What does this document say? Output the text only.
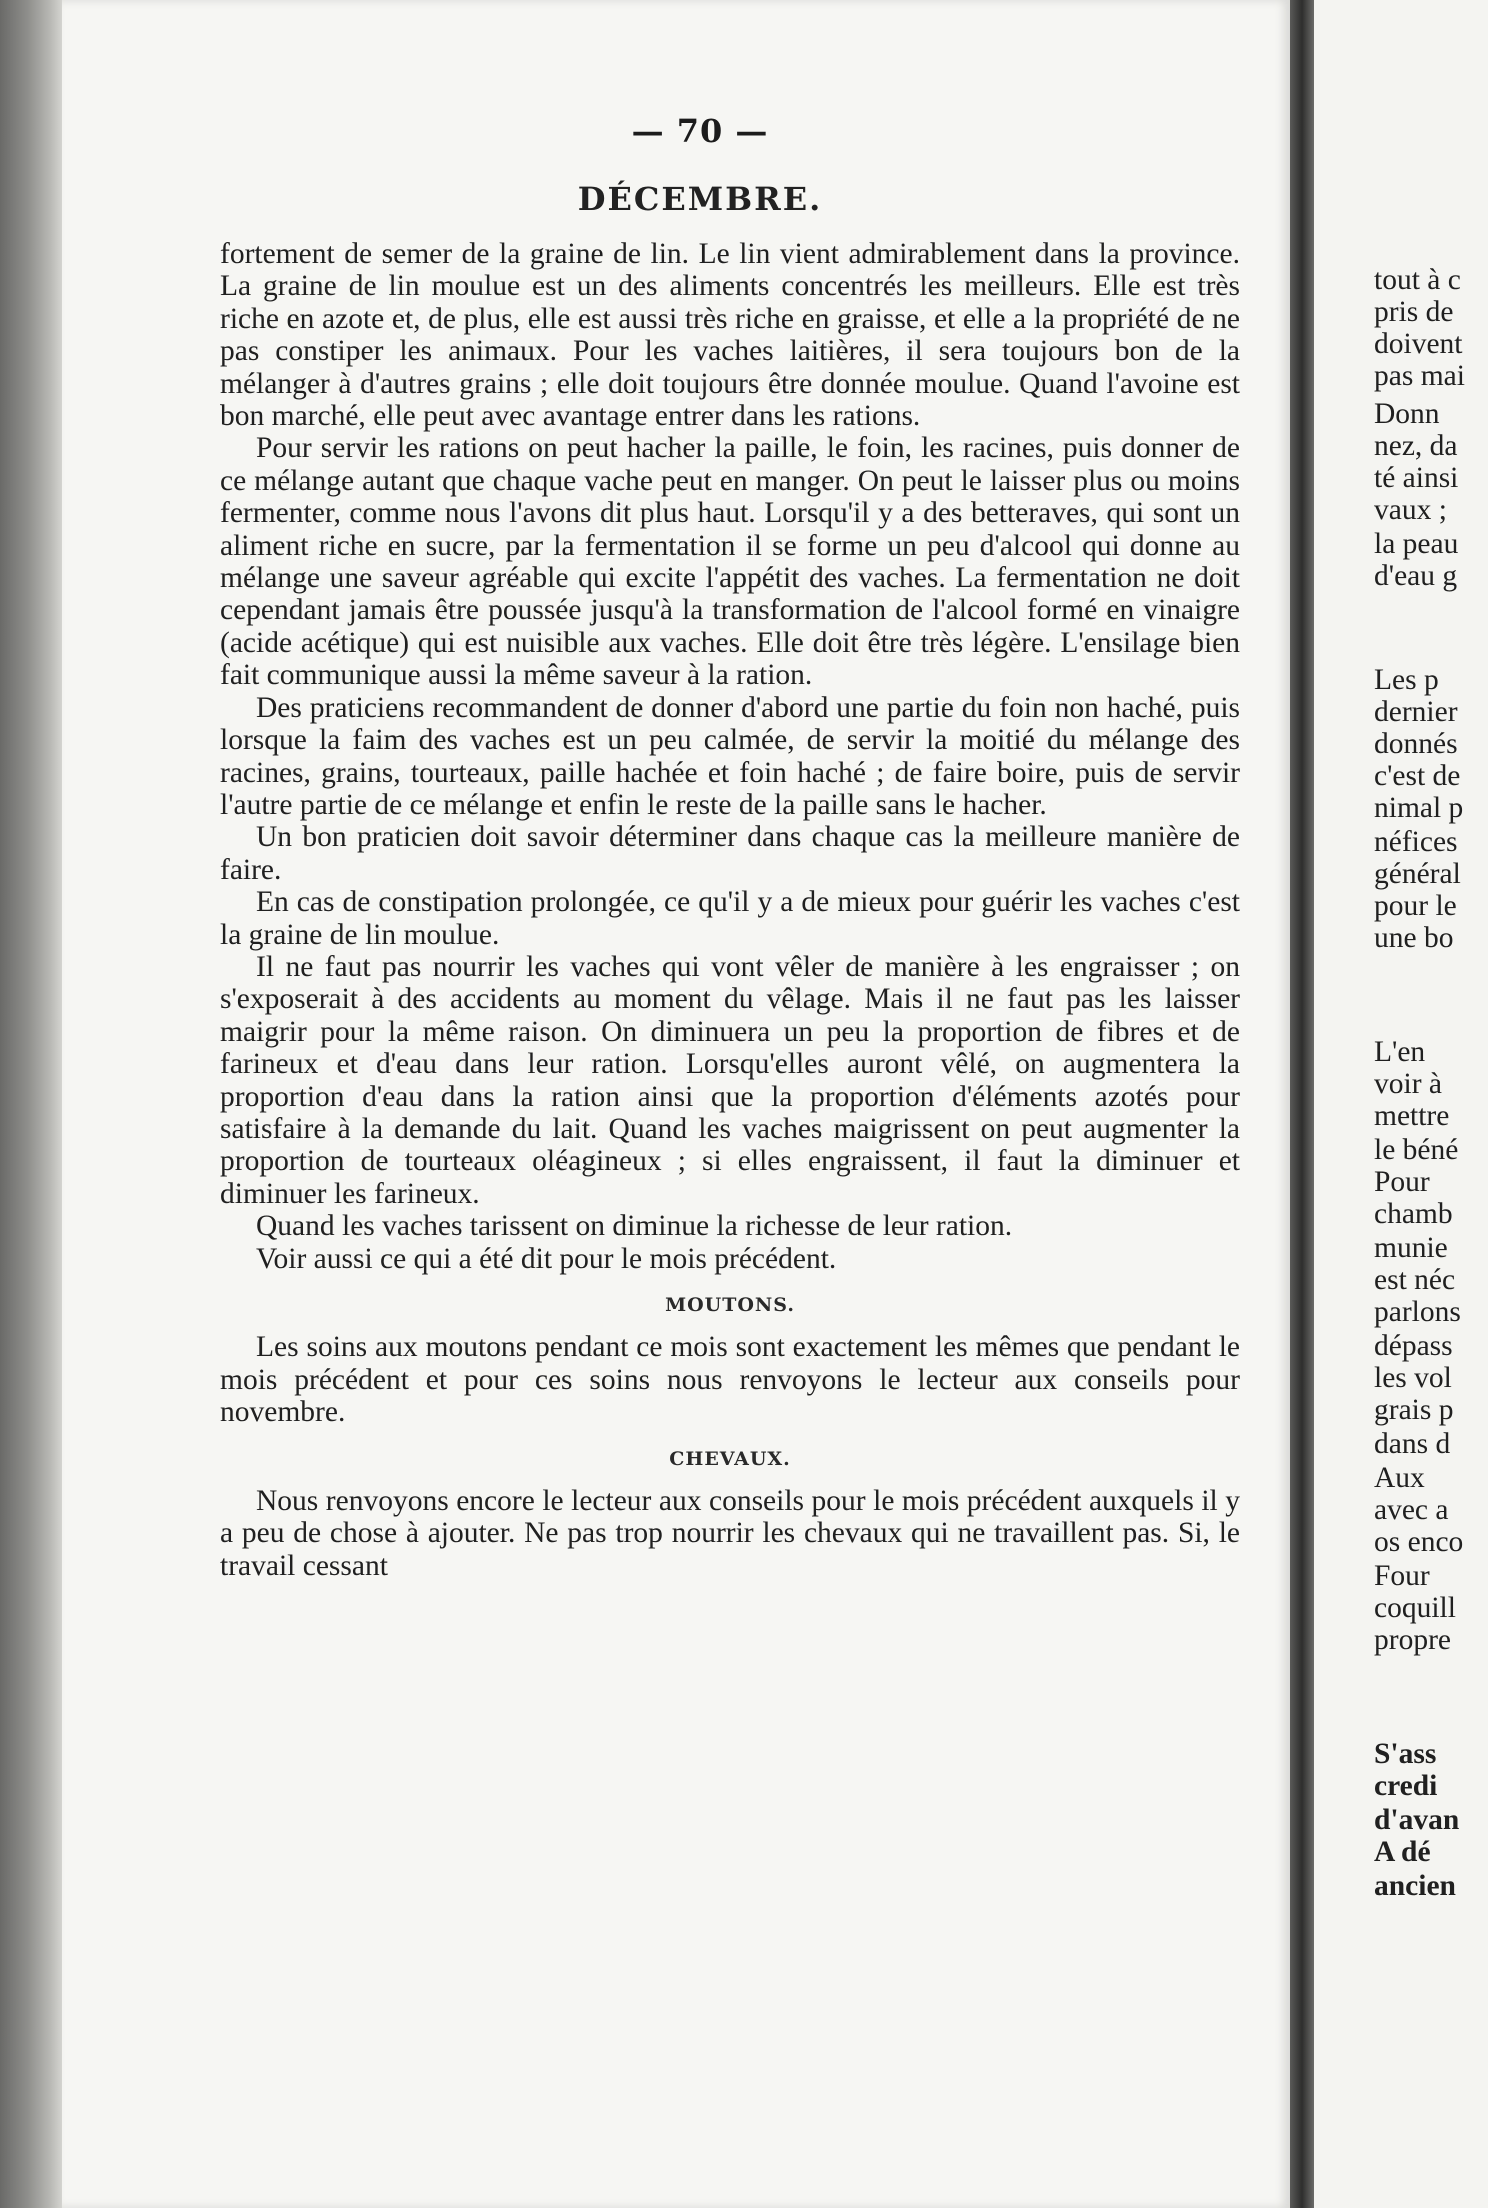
— 70 —
DÉCEMBRE.

fortement de semer de la graine de lin. Le lin vient admirablement dans la province. La graine de lin moulue est un des aliments concentrés les meilleurs. Elle est très riche en azote et, de plus, elle est aussi très riche en graisse, et elle a la propriété de ne pas constiper les animaux. Pour les vaches laitières, il sera toujours bon de la mélanger à d'autres grains ; elle doit toujours être donnée moulue. Quand l'avoine est bon marché, elle peut avec avantage entrer dans les rations.

Pour servir les rations on peut hacher la paille, le foin, les racines, puis donner de ce mélange autant que chaque vache peut en manger. On peut le laisser plus ou moins fermenter, comme nous l'avons dit plus haut. Lorsqu'il y a des betteraves, qui sont un aliment riche en sucre, par la fermentation il se forme un peu d'alcool qui donne au mélange une saveur agréable qui excite l'appétit des vaches. La fermentation ne doit cependant jamais être poussée jusqu'à la transformation de l'alcool formé en vinaigre (acide acétique) qui est nuisible aux vaches. Elle doit être très légère. L'ensilage bien fait communique aussi la même saveur à la ration.

Des praticiens recommandent de donner d'abord une partie du foin non haché, puis lorsque la faim des vaches est un peu calmée, de servir la moitié du mélange des racines, grains, tourteaux, paille hachée et foin haché ; de faire boire, puis de servir l'autre partie de ce mélange et enfin le reste de la paille sans le hacher.

Un bon praticien doit savoir déterminer dans chaque cas la meilleure manière de faire.

En cas de constipation prolongée, ce qu'il y a de mieux pour guérir les vaches c'est la graine de lin moulue.

Il ne faut pas nourrir les vaches qui vont vêler de manière à les engraisser ; on s'exposerait à des accidents au moment du vêlage. Mais il ne faut pas les laisser maigrir pour la même raison. On diminuera un peu la proportion de fibres et de farineux et d'eau dans leur ration. Lorsqu'elles auront vêlé, on augmentera la proportion d'eau dans la ration ainsi que la proportion d'éléments azotés pour satisfaire à la demande du lait. Quand les vaches maigrissent on peut augmenter la proportion de tourteaux oléagineux ; si elles engraissent, il faut la diminuer et diminuer les farineux.

Quand les vaches tarissent on diminue la richesse de leur ration.

Voir aussi ce qui a été dit pour le mois précédent.

MOUTONS.

Les soins aux moutons pendant ce mois sont exactement les mêmes que pendant le mois précédent et pour ces soins nous renvoyons le lecteur aux conseils pour novembre.

CHEVAUX.

Nous renvoyons encore le lecteur aux conseils pour le mois précédent auxquels il y a peu de chose à ajouter. Ne pas trop nourrir les chevaux qui ne travaillent pas. Si, le travail cessant

tout à c
pris de
doivent
pas mai
Donn
nez, da
té ainsi
vaux ;
la peau
d'eau g
Les p
dernier
donnés
c'est de
nimal p
néfices
général
pour le
une bo
L'en
voir à
mettre
le béné
Pour
chamb
munie
est néc
parlons
dépass
les vol
grais p
dans d
Aux
avec a
os enco
Four
coquill
propre
S'ass
credi
d'avan
A dé
ancien
